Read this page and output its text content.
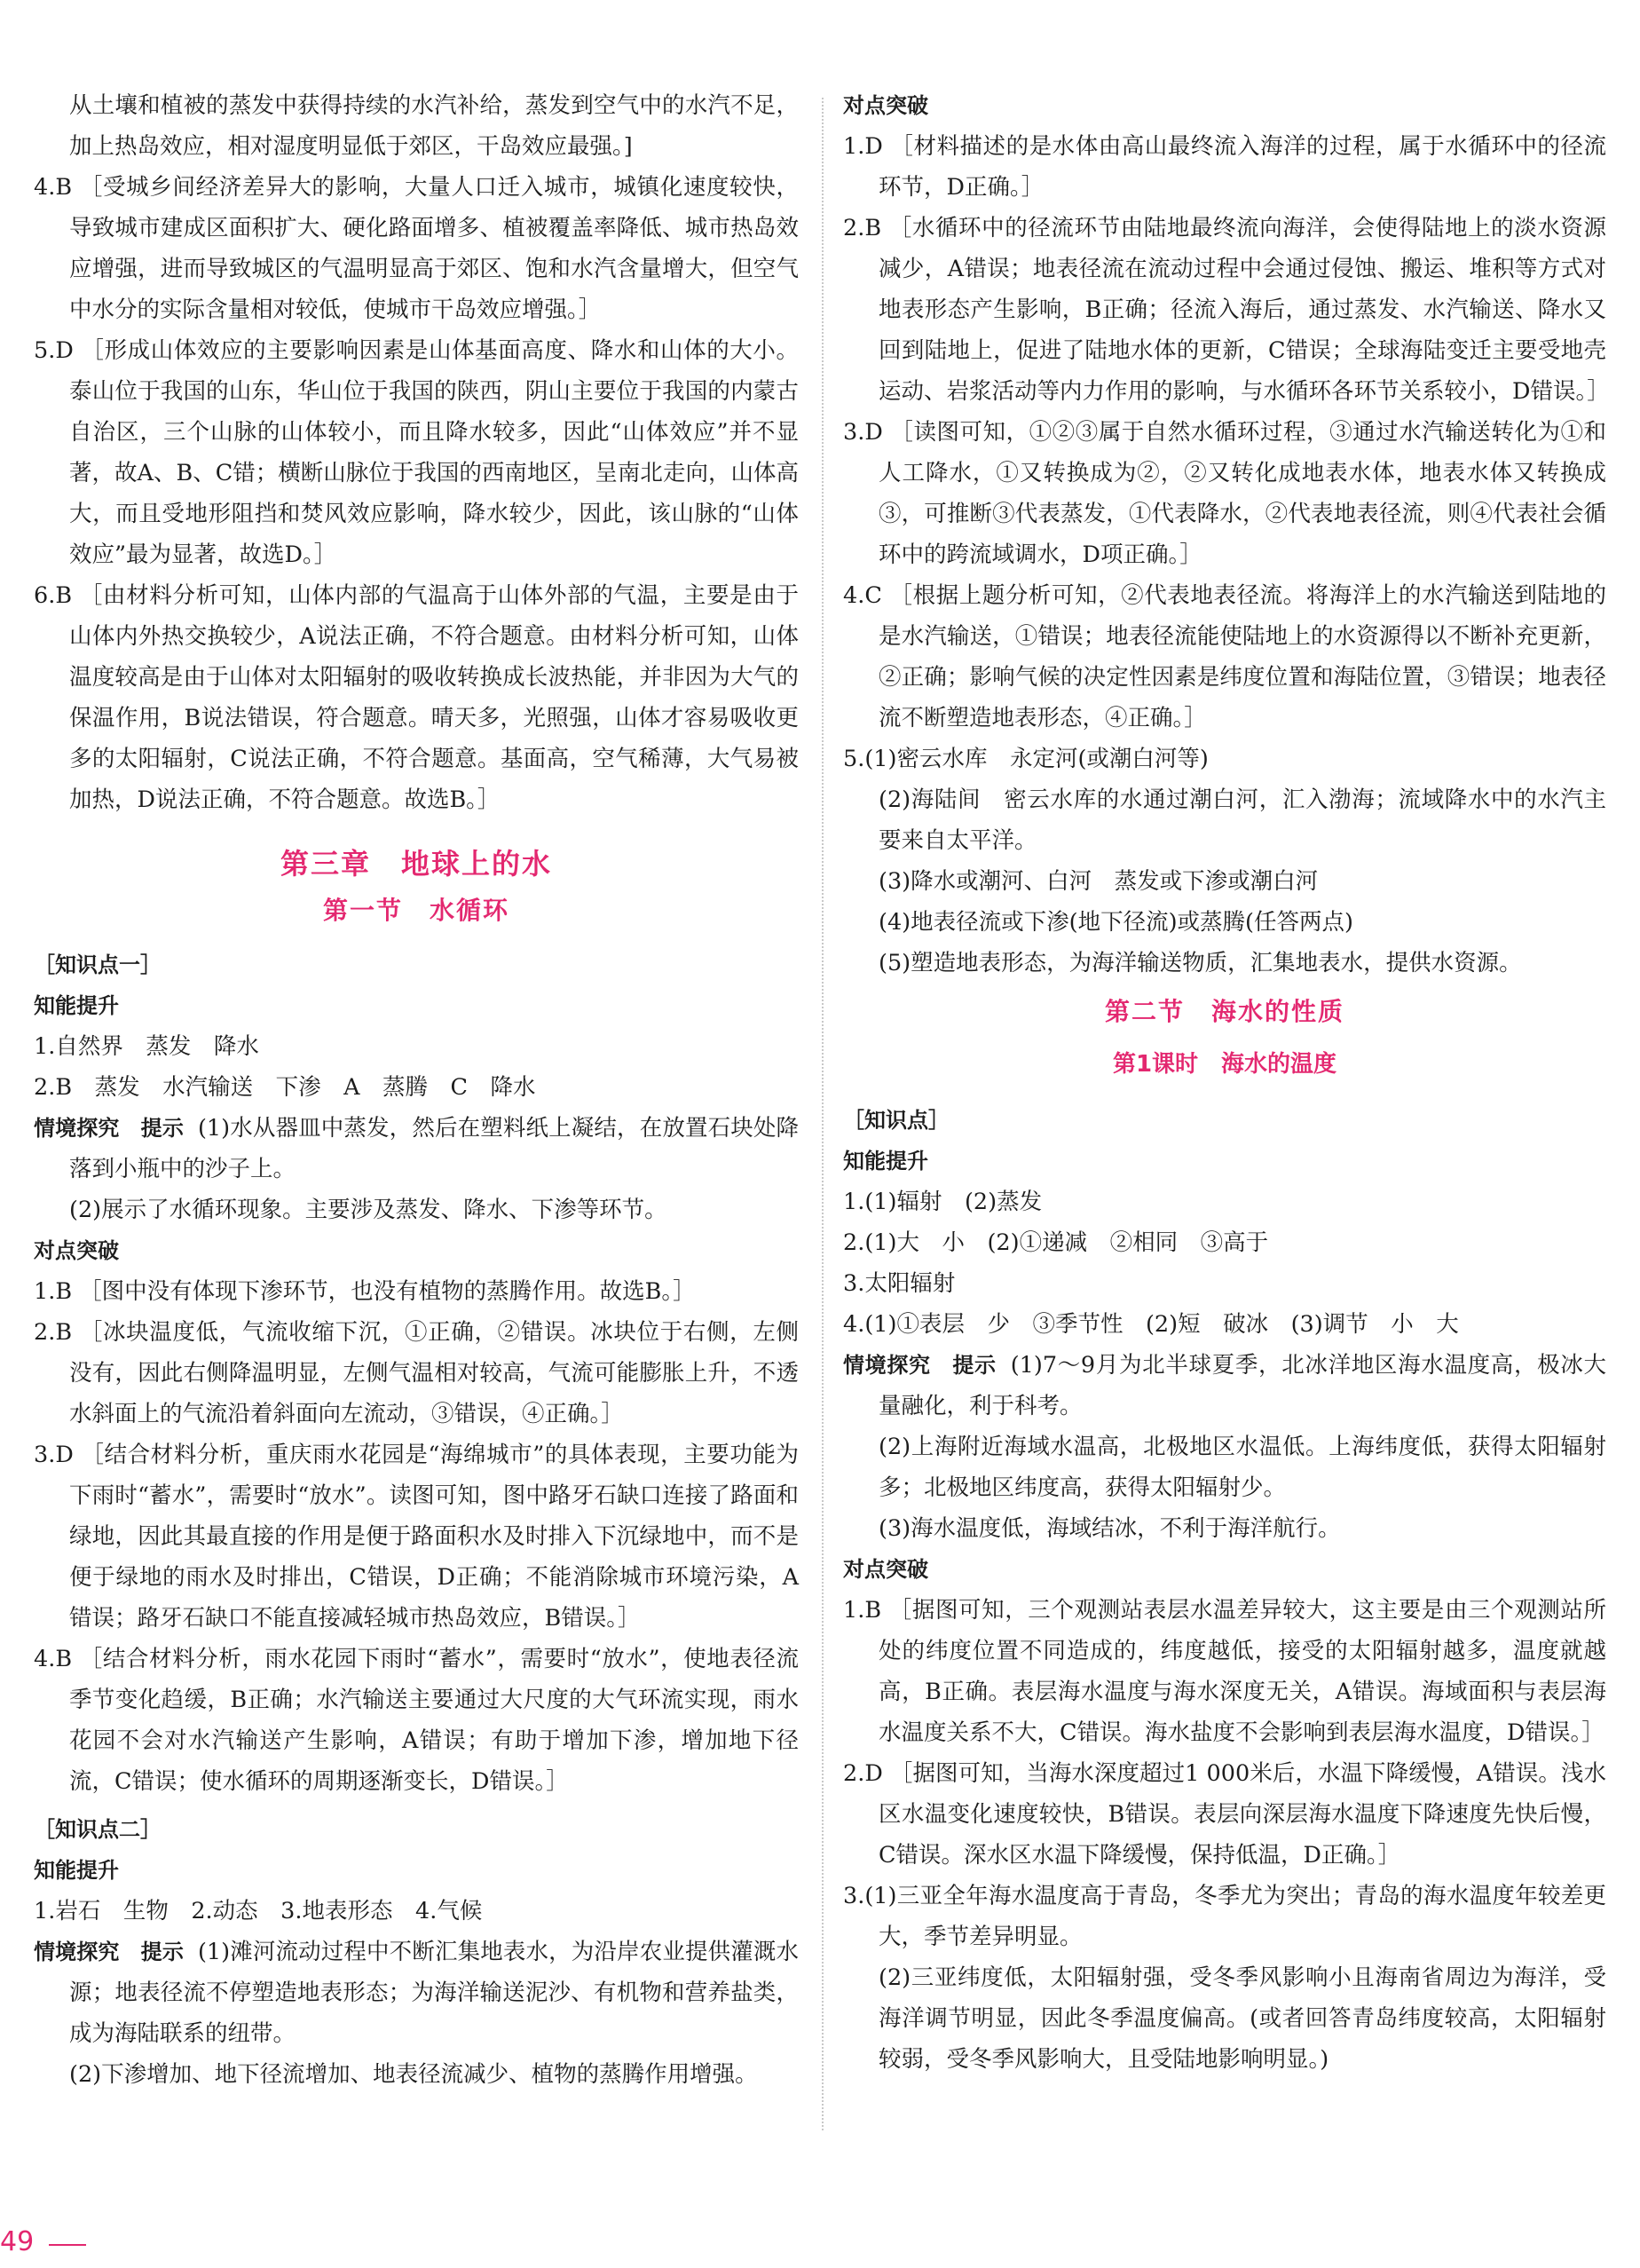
从土壤和植被的蒸发中获得持续的水汽补给，蒸发到空气中的水汽不足，加上热岛效应，相对湿度明显低于郊区，干岛效应最强。]

4.B ［受城乡间经济差异大的影响，大量人口迁入城市，城镇化速度较快，导致城市建成区面积扩大、硬化路面增多、植被覆盖率降低、城市热岛效应增强，进而导致城区的气温明显高于郊区、饱和水汽含量增大，但空气中水分的实际含量相对较低，使城市干岛效应增强。］

5.D ［形成山体效应的主要影响因素是山体基面高度、降水和山体的大小。泰山位于我国的山东，华山位于我国的陕西，阴山主要位于我国的内蒙古自治区，三个山脉的山体较小，而且降水较多，因此“山体效应”并不显著，故A、B、C错；横断山脉位于我国的西南地区，呈南北走向，山体高大，而且受地形阻挡和焚风效应影响，降水较少，因此，该山脉的“山体效应”最为显著，故选D。］

6.B ［由材料分析可知，山体内部的气温高于山体外部的气温，主要是由于山体内外热交换较少，A说法正确，不符合题意。由材料分析可知，山体温度较高是由于山体对太阳辐射的吸收转换成长波热能，并非因为大气的保温作用，B说法错误，符合题意。晴天多，光照强，山体才容易吸收更多的太阳辐射，C说法正确，不符合题意。基面高，空气稀薄，大气易被加热，D说法正确，不符合题意。故选B。］

第三章　地球上的水
第一节　水循环
［知识点一］
知能提升

1.自然界　蒸发　降水

2.B　蒸发　水汽输送　下渗　A　蒸腾　C　降水

情境探究　提示 (1)水从器皿中蒸发，然后在塑料纸上凝结，在放置石块处降落到小瓶中的沙子上。

(2)展示了水循环现象。主要涉及蒸发、降水、下渗等环节。

对点突破

1.B ［图中没有体现下渗环节，也没有植物的蒸腾作用。故选B。］

2.B ［冰块温度低，气流收缩下沉，①正确，②错误。冰块位于右侧，左侧没有，因此右侧降温明显，左侧气温相对较高，气流可能膨胀上升，不透水斜面上的气流沿着斜面向左流动，③错误，④正确。］

3.D ［结合材料分析，重庆雨水花园是“海绵城市”的具体表现，主要功能为下雨时“蓄水”，需要时“放水”。读图可知，图中路牙石缺口连接了路面和绿地，因此其最直接的作用是便于路面积水及时排入下沉绿地中，而不是便于绿地的雨水及时排出，C错误，D正确；不能消除城市环境污染，A错误；路牙石缺口不能直接减轻城市热岛效应，B错误。］

4.B ［结合材料分析，雨水花园下雨时“蓄水”，需要时“放水”，使地表径流季节变化趋缓，B正确；水汽输送主要通过大尺度的大气环流实现，雨水花园不会对水汽输送产生影响，A错误；有助于增加下渗，增加地下径流，C错误；使水循环的周期逐渐变长，D错误。］

［知识点二］
知能提升

1.岩石　生物　2.动态　3.地表形态　4.气候

情境探究　提示 (1)滩河流动过程中不断汇集地表水，为沿岸农业提供灌溉水源；地表径流不停塑造地表形态；为海洋输送泥沙、有机物和营养盐类，成为海陆联系的纽带。

(2)下渗增加、地下径流增加、地表径流减少、植物的蒸腾作用增强。

对点突破

1.D ［材料描述的是水体由高山最终流入海洋的过程，属于水循环中的径流环节，D正确。］

2.B ［水循环中的径流环节由陆地最终流向海洋，会使得陆地上的淡水资源减少，A错误；地表径流在流动过程中会通过侵蚀、搬运、堆积等方式对地表形态产生影响，B正确；径流入海后，通过蒸发、水汽输送、降水又回到陆地上，促进了陆地水体的更新，C错误；全球海陆变迁主要受地壳运动、岩浆活动等内力作用的影响，与水循环各环节关系较小，D错误。］

3.D ［读图可知，①②③属于自然水循环过程，③通过水汽输送转化为①和人工降水，①又转换成为②，②又转化成地表水体，地表水体又转换成③，可推断③代表蒸发，①代表降水，②代表地表径流，则④代表社会循环中的跨流域调水，D项正确。］

4.C ［根据上题分析可知，②代表地表径流。将海洋上的水汽输送到陆地的是水汽输送，①错误；地表径流能使陆地上的水资源得以不断补充更新，②正确；影响气候的决定性因素是纬度位置和海陆位置，③错误；地表径流不断塑造地表形态，④正确。］

5.(1)密云水库　永定河(或潮白河等)

(2)海陆间　密云水库的水通过潮白河，汇入渤海；流域降水中的水汽主要来自太平洋。

(3)降水或潮河、白河　蒸发或下渗或潮白河

(4)地表径流或下渗(地下径流)或蒸腾(任答两点)

(5)塑造地表形态，为海洋输送物质，汇集地表水，提供水资源。

第二节　海水的性质
第1课时　海水的温度
［知识点］
知能提升

1.(1)辐射　(2)蒸发

2.(1)大　小　(2)①递减　②相同　③高于

3.太阳辐射

4.(1)①表层　少　③季节性　(2)短　破冰　(3)调节　小　大

情境探究　提示 (1)7～9月为北半球夏季，北冰洋地区海水温度高，极冰大量融化，利于科考。

(2)上海附近海域水温高，北极地区水温低。上海纬度低，获得太阳辐射多；北极地区纬度高，获得太阳辐射少。

(3)海水温度低，海域结冰，不利于海洋航行。

对点突破

1.B ［据图可知，三个观测站表层水温差异较大，这主要是由三个观测站所处的纬度位置不同造成的，纬度越低，接受的太阳辐射越多，温度就越高，B正确。表层海水温度与海水深度无关，A错误。海域面积与表层海水温度关系不大，C错误。海水盐度不会影响到表层海水温度，D错误。］

2.D ［据图可知，当海水深度超过1 000米后，水温下降缓慢，A错误。浅水区水温变化速度较快，B错误。表层向深层海水温度下降速度先快后慢，C错误。深水区水温下降缓慢，保持低温，D正确。］

3.(1)三亚全年海水温度高于青岛，冬季尤为突出；青岛的海水温度年较差更大，季节差异明显。

(2)三亚纬度低，太阳辐射强，受冬季风影响小且海南省周边为海洋，受海洋调节明显，因此冬季温度偏高。(或者回答青岛纬度较高，太阳辐射较弱，受冬季风影响大，且受陆地影响明显。)

49
